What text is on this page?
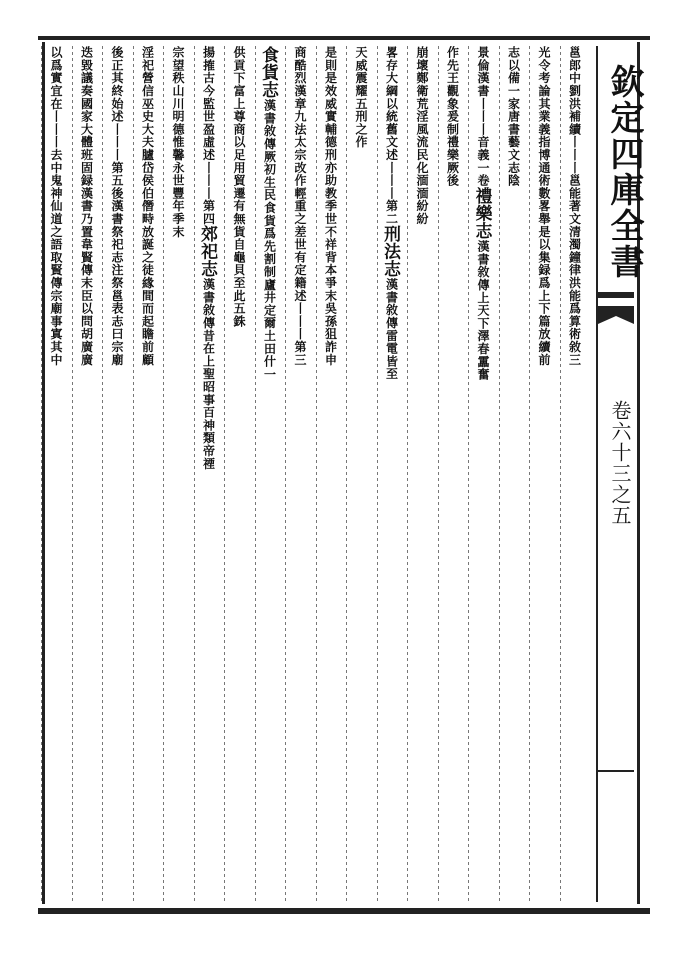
欽定四庫全書
卷六十三之五
邕郎中劉洪補續丨丨丨邕能著文清濁鐘律洪能爲算術敘三
光令考論其業義指博通術數畧舉是以集録爲上下篇放續前
志以備一家唐書藝文志陰
景倫漢書丨丨丨音義一卷
禮樂志
漢書敘傳上天下澤春靁奮
作先王觀象爰制禮樂厥後
崩壞鄭衛荒淫風流民化湎湎紛紛
畧存大綱以統舊文述丨丨丨第二
刑法志
漢書敘傳雷電皆至
天威震耀五刑之作
是則是效威實輔德刑亦助教季世不祥背本爭末吳孫狙詐申
商酷烈漢章九法太宗改作輕重之差世有定籍述丨丨丨第三
食貨志
漢書敘傳厥初生民食貨爲先割制廬井定爾土田什一
供貢下富上尊商以足用貿遷有無貨自龜貝至此五銖
揚搉古今監世盈虛述丨丨丨第四
郊祀志
漢書敘傳昔在上聖昭事百神類帝禋
宗望秩山川明德惟馨永世豐年季末
淫祀營信巫史大夫臚岱侯伯僭畤放誕之徒緣間而起瞻前顧
後正其終始述丨丨丨第五後漢書祭祀志注祭邕表志曰宗廟
迭毀議奏國家大體班固録漢書乃置韋賢傳末臣以問胡廣廣
以爲實宜在丨丨丨去中鬼神仙道之語取賢傳宗廟事寘其中
